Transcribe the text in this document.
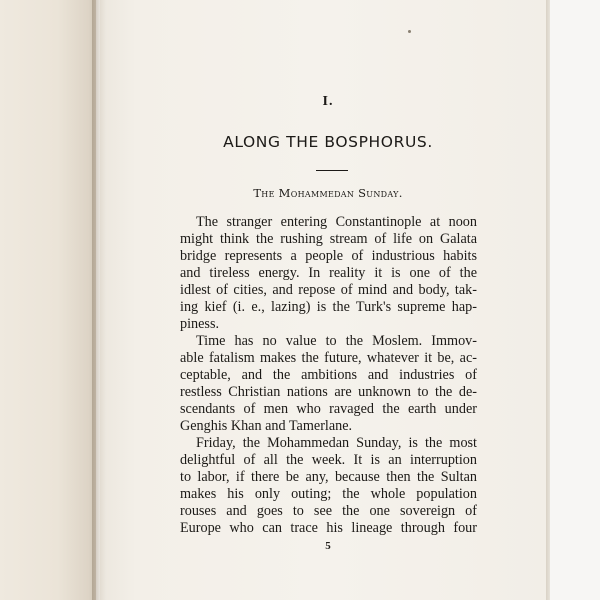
I.
ALONG THE BOSPHORUS.
The Mohammedan Sunday.
The stranger entering Constantinople at noon
might think the rushing stream of life on Galata
bridge represents a people of industrious habits
and tireless energy. In reality it is one of the
idlest of cities, and repose of mind and body, tak-
ing kief (i. e., lazing) is the Turk's supreme hap-
piness.
Time has no value to the Moslem. Immov-
able fatalism makes the future, whatever it be, ac-
ceptable, and the ambitions and industries of
restless Christian nations are unknown to the de-
scendants of men who ravaged the earth under
Genghis Khan and Tamerlane.
Friday, the Mohammedan Sunday, is the most
delightful of all the week. It is an interruption
to labor, if there be any, because then the Sultan
makes his only outing; the whole population
rouses and goes to see the one sovereign of
Europe who can trace his lineage through four
5
